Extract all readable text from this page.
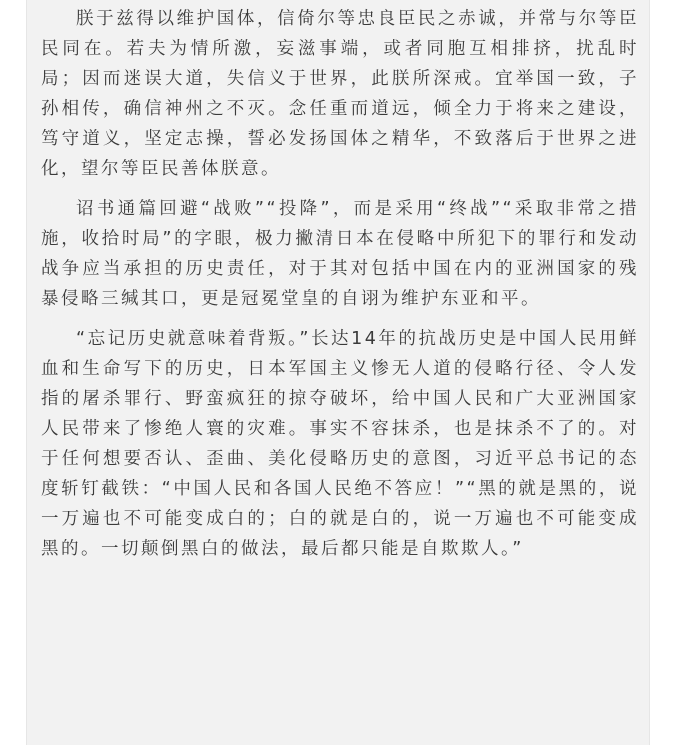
朕于兹得以维护国体，信倚尔等忠良臣民之赤诚，并常与尔等臣民同在。若夫为情所激，妄滋事端，或者同胞互相排挤，扰乱时局；因而迷误大道，失信义于世界，此朕所深戒。宜举国一致，子孙相传，确信神州之不灭。念任重而道远，倾全力于将来之建设，笃守道义，坚定志操，誓必发扬国体之精华，不致落后于世界之进化，望尔等臣民善体朕意。

诏书通篇回避“战败”“投降”，而是采用“终战”“采取非常之措施，收拾时局”的字眼，极力撇清日本在侵略中所犯下的罪行和发动战争应当承担的历史责任，对于其对包括中国在内的亚洲国家的残暴侵略三缄其口，更是冠冕堂皇的自诩为维护东亚和平。

“忘记历史就意味着背叛。”长达14年的抗战历史是中国人民用鲜血和生命写下的历史，日本军国主义惨无人道的侵略行径、令人发指的屠杀罪行、野蛮疯狂的掠夺破坏，给中国人民和广大亚洲国家人民带来了惨绝人寰的灾难。事实不容抹杀，也是抹杀不了的。对于任何想要否认、歪曲、美化侵略历史的意图，习近平总书记的态度斩钉截铁：“中国人民和各国人民绝不答应！”“黑的就是黑的，说一万遍也不可能变成白的；白的就是白的，说一万遍也不可能变成黑的。一切颠倒黑白的做法，最后都只能是自欺欺人。”
